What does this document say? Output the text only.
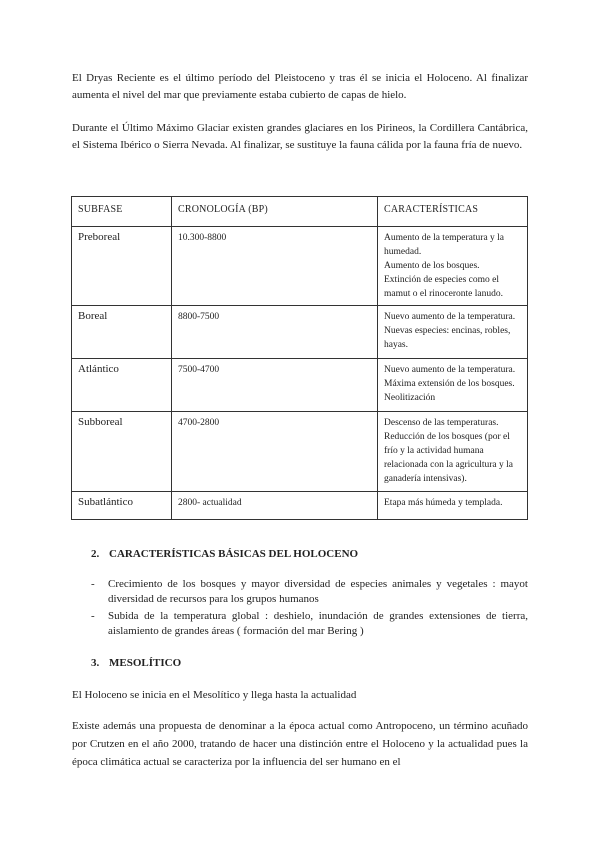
El Dryas Reciente es el último período del Pleistoceno y tras él se inicia el Holoceno. Al finalizar aumenta el nivel del mar que previamente estaba cubierto de capas de hielo.

Durante el Último Máximo Glaciar existen grandes glaciares en los Pirineos, la Cordillera Cantábrica, el Sistema Ibérico o Sierra Nevada. Al finalizar, se sustituye la fauna cálida por la fauna fría de nuevo.

SUBFASE	CRONOLOGÍA (BP)	CARACTERÍSTICAS
Preboreal	10.300-8800	Aumento de la temperatura y la humedad.
Aumento de los bosques.
Extinción de especies como el mamut o el rinoceronte lanudo.

Boreal	8800-7500	Nuevo aumento de la temperatura. Nuevas especies: encinas, robles, hayas.

Atlántico	7500-4700	Nuevo aumento de la temperatura. Máxima extensión de los bosques. Neolitización

Subboreal	4700-2800	Descenso de las temperaturas.
Reducción de los bosques (por el frío y la actividad humana relacionada con la agricultura y la ganadería intensivas).

Subatlántico	2800- actualidad	Etapa más húmeda y templada.
2. CARACTERÍSTICAS BÁSICAS DEL HOLOCENO
- Crecimiento de los bosques y mayor diversidad de especies animales y vegetales : mayot diversidad de recursos para los grupos humanos
- Subida de la temperatura global : deshielo, inundación de grandes extensiones de tierra, aislamiento de grandes áreas ( formación del mar Bering )
3. MESOLÍTICO

El Holoceno se inicia en el Mesolítico y llega hasta la actualidad

Existe además una propuesta de denominar a la época actual como Antropoceno, un término acuñado por Crutzen en el año 2000, tratando de hacer una distinción entre el Holoceno y la actualidad pues la época climática actual se caracteriza por la influencia del ser humano en el
